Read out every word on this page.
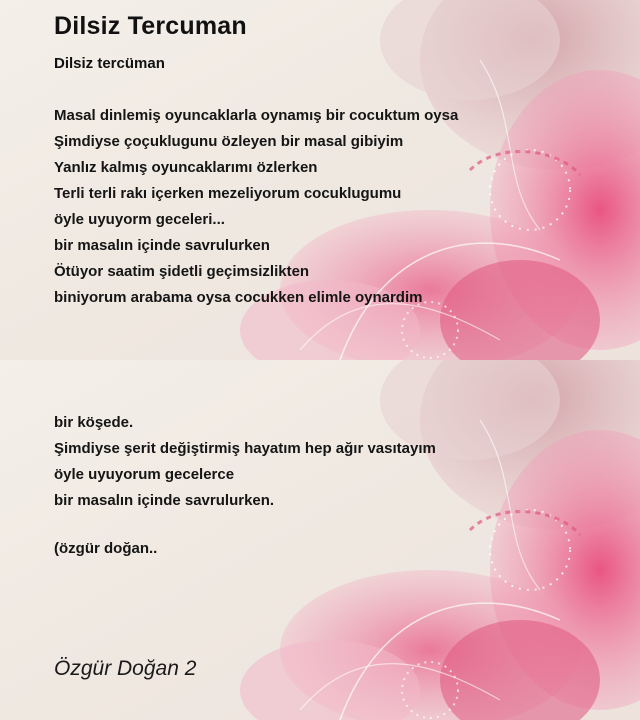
Dilsiz Tercuman
Dilsiz tercüman
Masal dinlemiş oyuncaklarla oynamış bir cocuktum oysa
Şimdiyse çoçuklugunu özleyen bir masal gibiyim
Yanlız kalmış oyuncaklarımı özlerken
Terli terli rakı içerken mezeliyorum cocuklugumu
öyle uyuyorm geceleri...
bir masalın içinde savrulurken
Ötüyor saatim şidetli geçimsizlikten
biniyorum arabama oysa cocukken elimle oynardim
bir köşede.
Şimdiyse şerit değiştirmiş hayatım hep ağır vasıtayım
öyle uyuyorum gecelerce
bir masalın içinde savrulurken.
(özgür doğan..
Özgür Doğan 2
